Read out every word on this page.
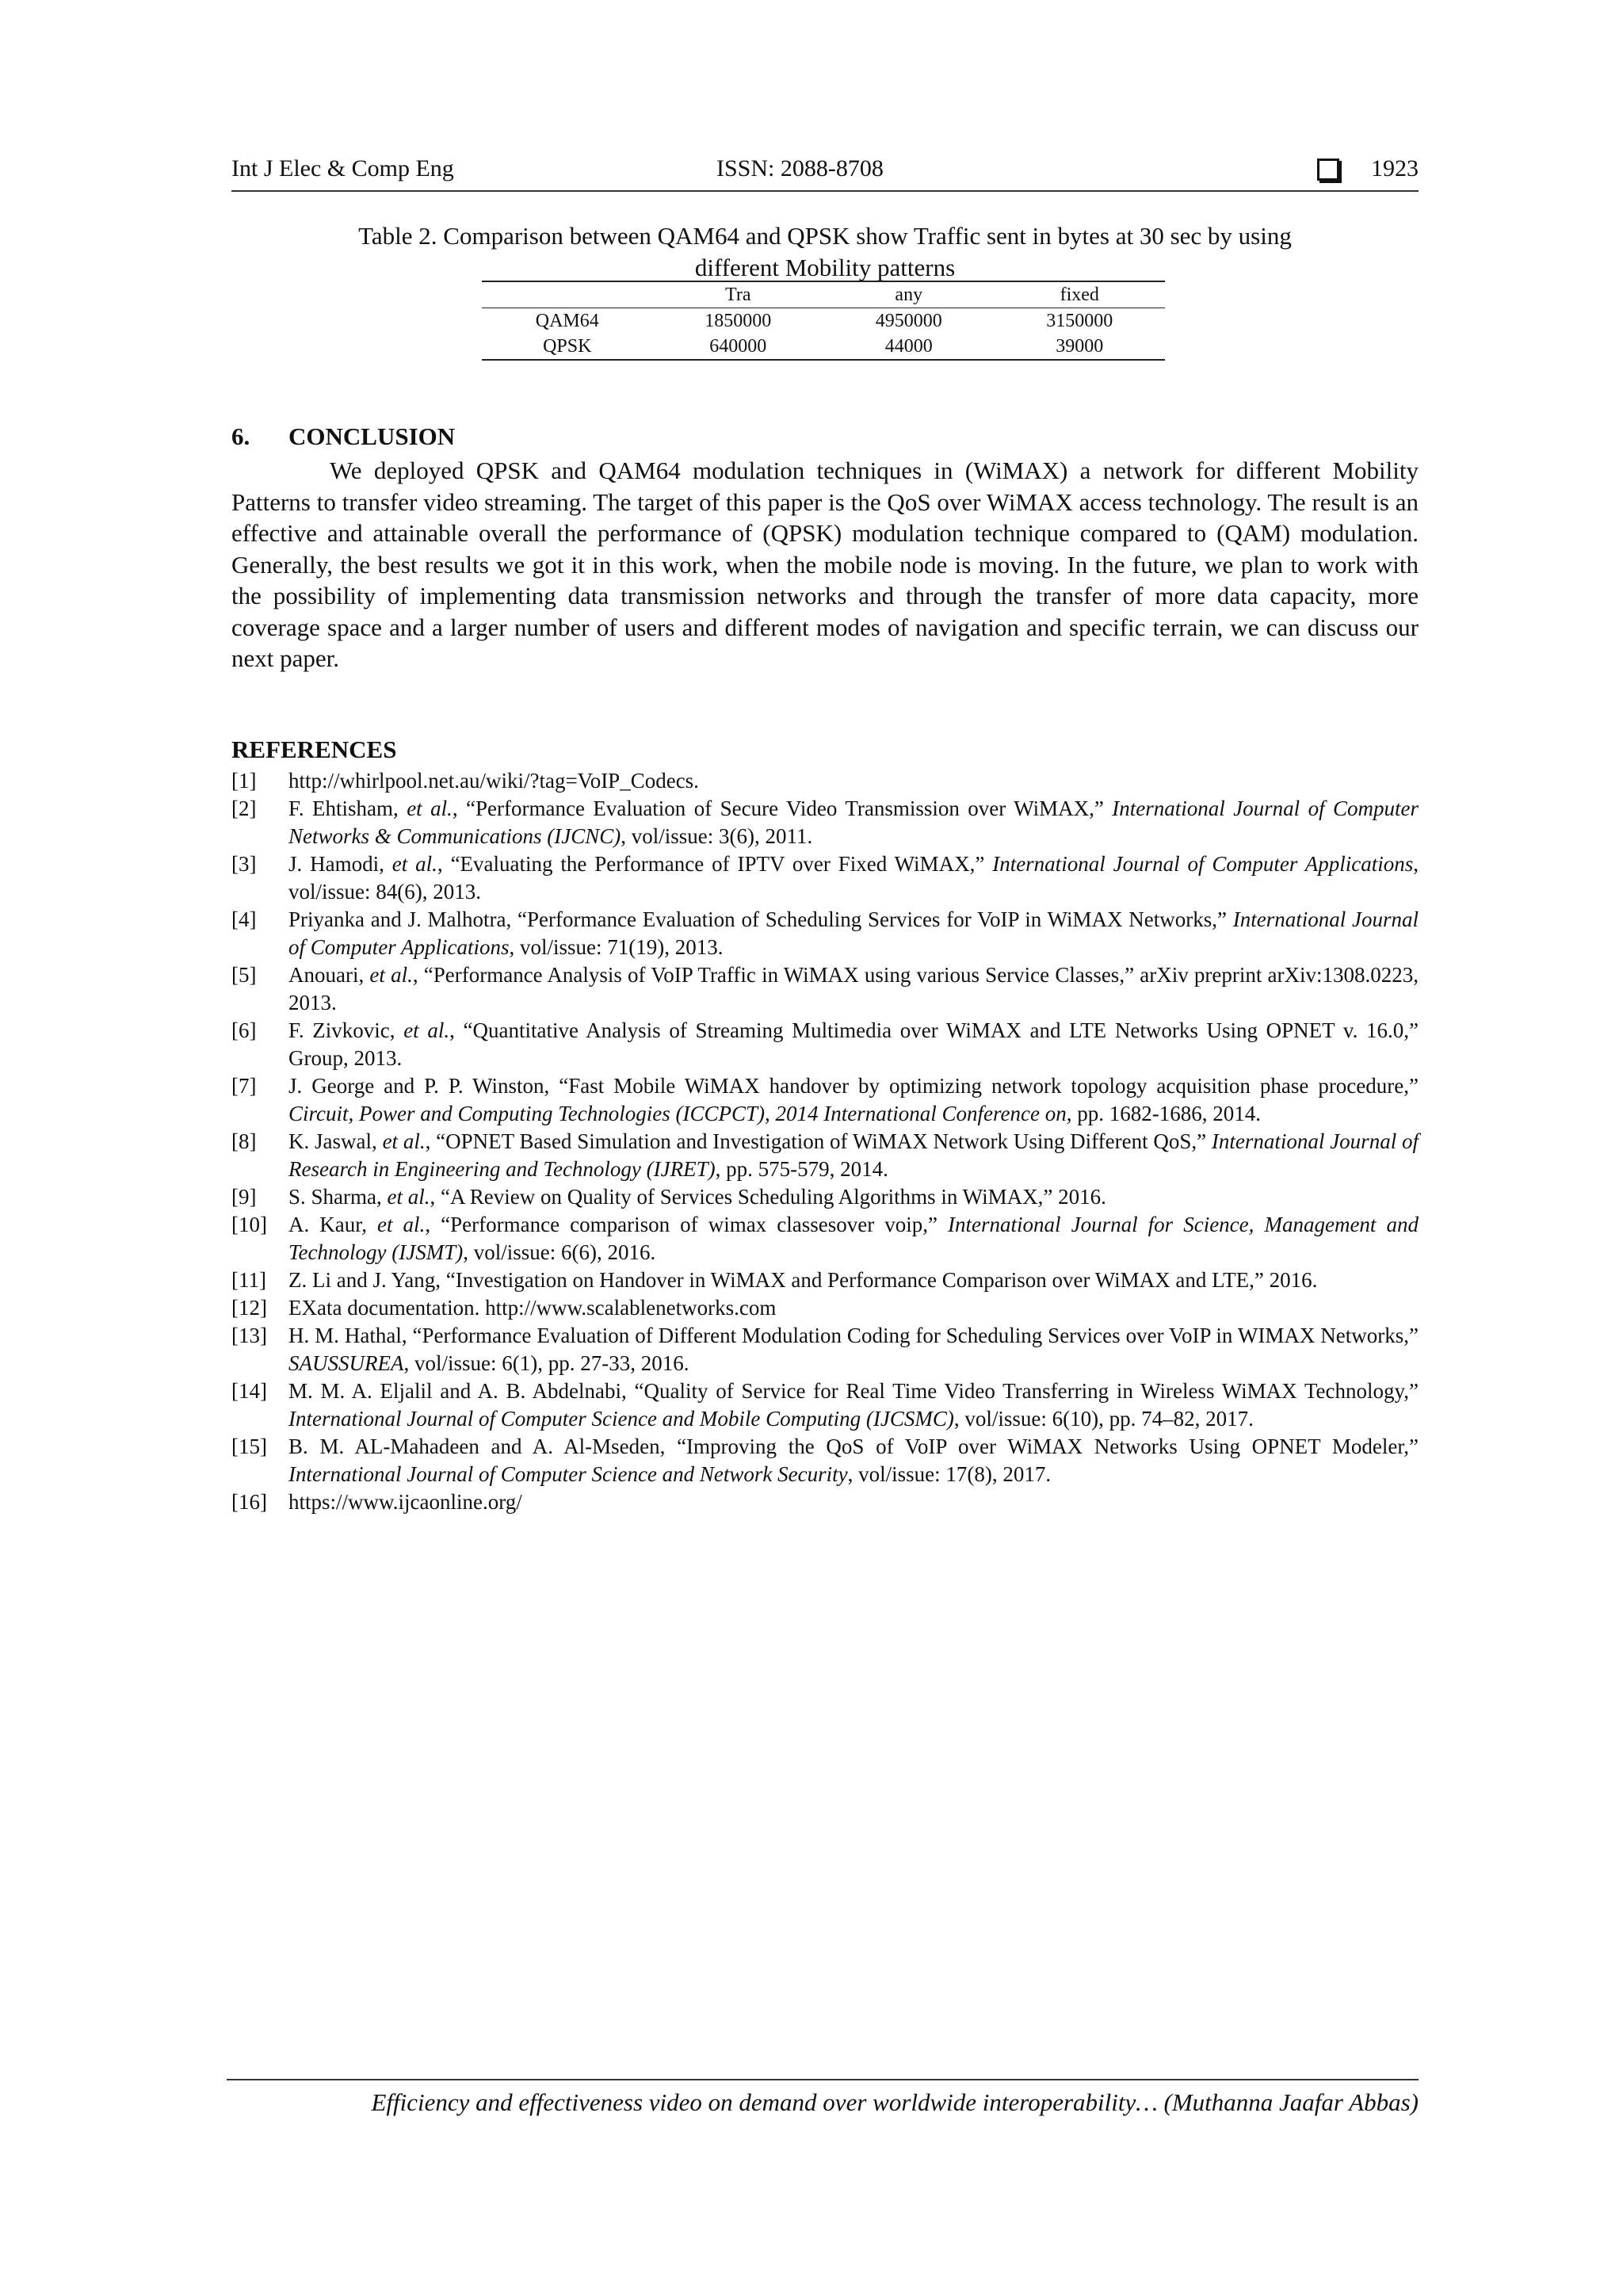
Int J Elec & Comp Eng	ISSN: 2088-8708	1923
Table 2. Comparison between QAM64 and QPSK show Traffic sent in bytes at 30 sec by using
different Mobility patterns
	Tra	any	fixed
QAM64	1850000	4950000	3150000
QPSK	640000	44000	39000
6. CONCLUSION

We deployed QPSK and QAM64 modulation techniques in (WiMAX) a network for different Mobility Patterns to transfer video streaming. The target of this paper is the QoS over WiMAX access technology. The result is an effective and attainable overall the performance of (QPSK) modulation technique compared to (QAM) modulation. Generally, the best results we got it in this work, when the mobile node is moving. In the future, we plan to work with the possibility of implementing data transmission networks and through the transfer of more data capacity, more coverage space and a larger number of users and different modes of navigation and specific terrain, we can discuss our next paper.

REFERENCES
[1]	http://whirlpool.net.au/wiki/?tag=VoIP_Codecs.
[2]	F. Ehtisham, et al., “Performance Evaluation of Secure Video Transmission over WiMAX,” International Journal of Computer Networks & Communications (IJCNC), vol/issue: 3(6), 2011.
[3]	J. Hamodi, et al., “Evaluating the Performance of IPTV over Fixed WiMAX,” International Journal of Computer Applications, vol/issue: 84(6), 2013.
[4]	Priyanka and J. Malhotra, “Performance Evaluation of Scheduling Services for VoIP in WiMAX Networks,” International Journal of Computer Applications, vol/issue: 71(19), 2013.
[5]	Anouari, et al., “Performance Analysis of VoIP Traffic in WiMAX using various Service Classes,” arXiv preprint arXiv:1308.0223, 2013.
[6]	F. Zivkovic, et al., “Quantitative Analysis of Streaming Multimedia over WiMAX and LTE Networks Using OPNET v. 16.0,” Group, 2013.
[7]	J. George and P. P. Winston, “Fast Mobile WiMAX handover by optimizing network topology acquisition phase procedure,” Circuit, Power and Computing Technologies (ICCPCT), 2014 International Conference on, pp. 1682-1686, 2014.
[8]	K. Jaswal, et al., “OPNET Based Simulation and Investigation of WiMAX Network Using Different QoS,” International Journal of Research in Engineering and Technology (IJRET), pp. 575-579, 2014.
[9]	S. Sharma, et al., “A Review on Quality of Services Scheduling Algorithms in WiMAX,” 2016.
[10]	A. Kaur, et al., “Performance comparison of wimax classesover voip,” International Journal for Science, Management and Technology (IJSMT), vol/issue: 6(6), 2016.
[11]	Z. Li and J. Yang, “Investigation on Handover in WiMAX and Performance Comparison over WiMAX and LTE,” 2016.
[12]	EXata documentation. http://www.scalablenetworks.com
[13]	H. M. Hathal, “Performance Evaluation of Different Modulation Coding for Scheduling Services over VoIP in WIMAX Networks,” SAUSSUREA, vol/issue: 6(1), pp. 27-33, 2016.
[14]	M. M. A. Eljalil and A. B. Abdelnabi, “Quality of Service for Real Time Video Transferring in Wireless WiMAX Technology,” International Journal of Computer Science and Mobile Computing (IJCSMC), vol/issue: 6(10), pp. 74–82, 2017.
[15]	B. M. AL-Mahadeen and A. Al-Mseden, “Improving the QoS of VoIP over WiMAX Networks Using OPNET Modeler,” International Journal of Computer Science and Network Security, vol/issue: 17(8), 2017.
[16]	https://www.ijcaonline.org/
Efficiency and effectiveness video on demand over worldwide interoperability… (Muthanna Jaafar Abbas)
